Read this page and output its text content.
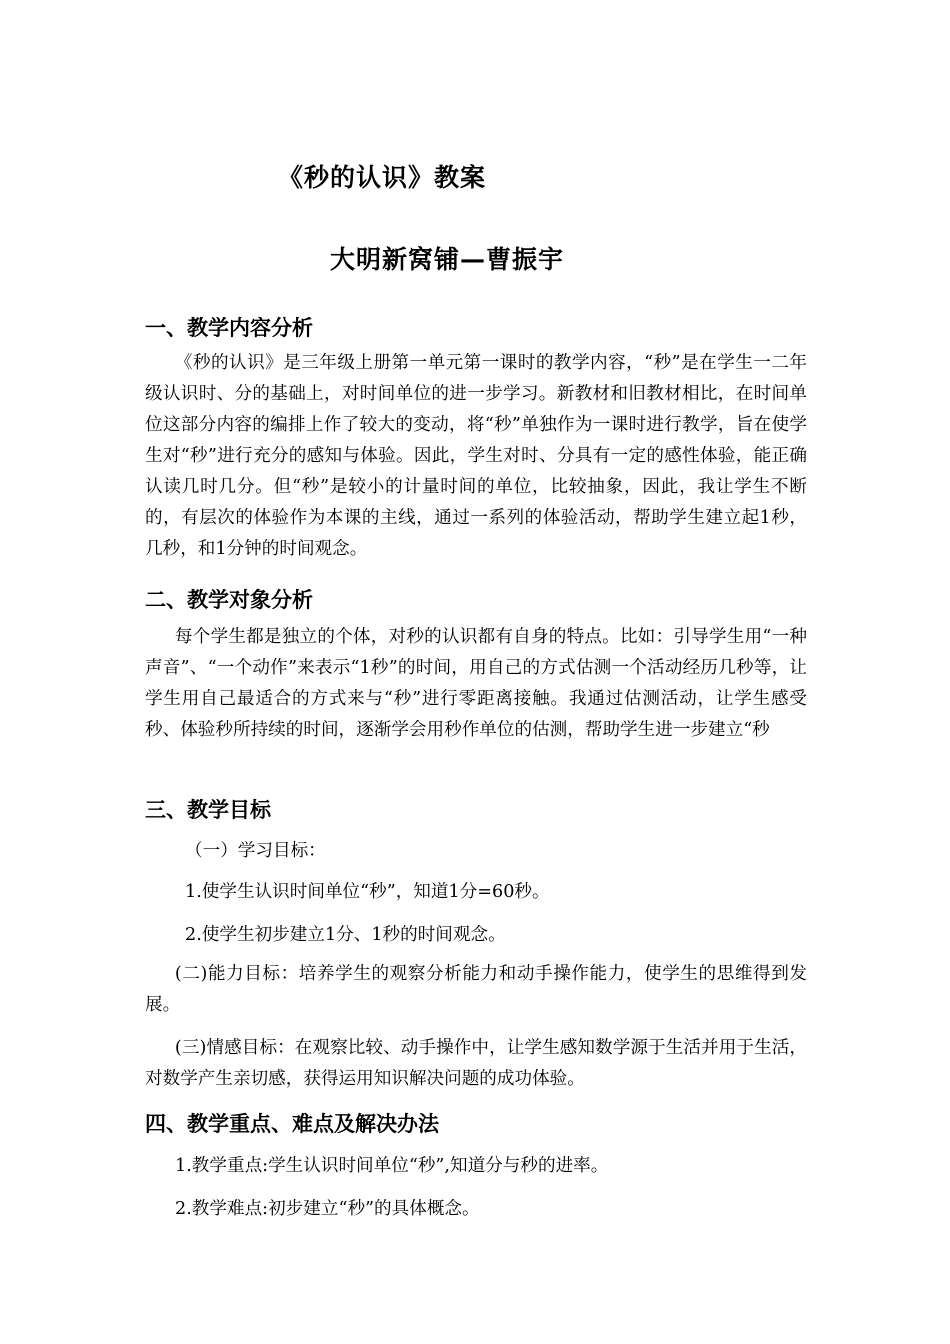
《秒的认识》教案
大明新窝铺—曹振宇
一、教学内容分析
《秒的认识》是三年级上册第一单元第一课时的教学内容，“秒”是在学生一二年级认识时、分的基础上，对时间单位的进一步学习。新教材和旧教材相比，在时间单位这部分内容的编排上作了较大的变动，将“秒”单独作为一课时进行教学，旨在使学生对“秒”进行充分的感知与体验。因此，学生对时、分具有一定的感性体验，能正确认读几时几分。但“秒”是较小的计量时间的单位，比较抽象，因此，我让学生不断的，有层次的体验作为本课的主线，通过一系列的体验活动，帮助学生建立起1秒，几秒，和1分钟的时间观念。
二、教学对象分析
每个学生都是独立的个体，对秒的认识都有自身的特点。比如：引导学生用“一种声音”、“一个动作”来表示“1秒”的时间，用自己的方式估测一个活动经历几秒等，让学生用自己最适合的方式来与“秒”进行零距离接触。我通过估测活动，让学生感受秒、体验秒所持续的时间，逐渐学会用秒作单位的估测，帮助学生进一步建立“秒
三、教学目标
（一）学习目标：
1.使学生认识时间单位“秒”，知道1分=60秒。
2.使学生初步建立1分、1秒的时间观念。
(二)能力目标：培养学生的观察分析能力和动手操作能力，使学生的思维得到发展。
(三)情感目标：在观察比较、动手操作中，让学生感知数学源于生活并用于生活，对数学产生亲切感，获得运用知识解决问题的成功体验。
四、教学重点、难点及解决办法
1.教学重点:学生认识时间单位“秒”,知道分与秒的进率。
2.教学难点:初步建立“秒”的具体概念。
